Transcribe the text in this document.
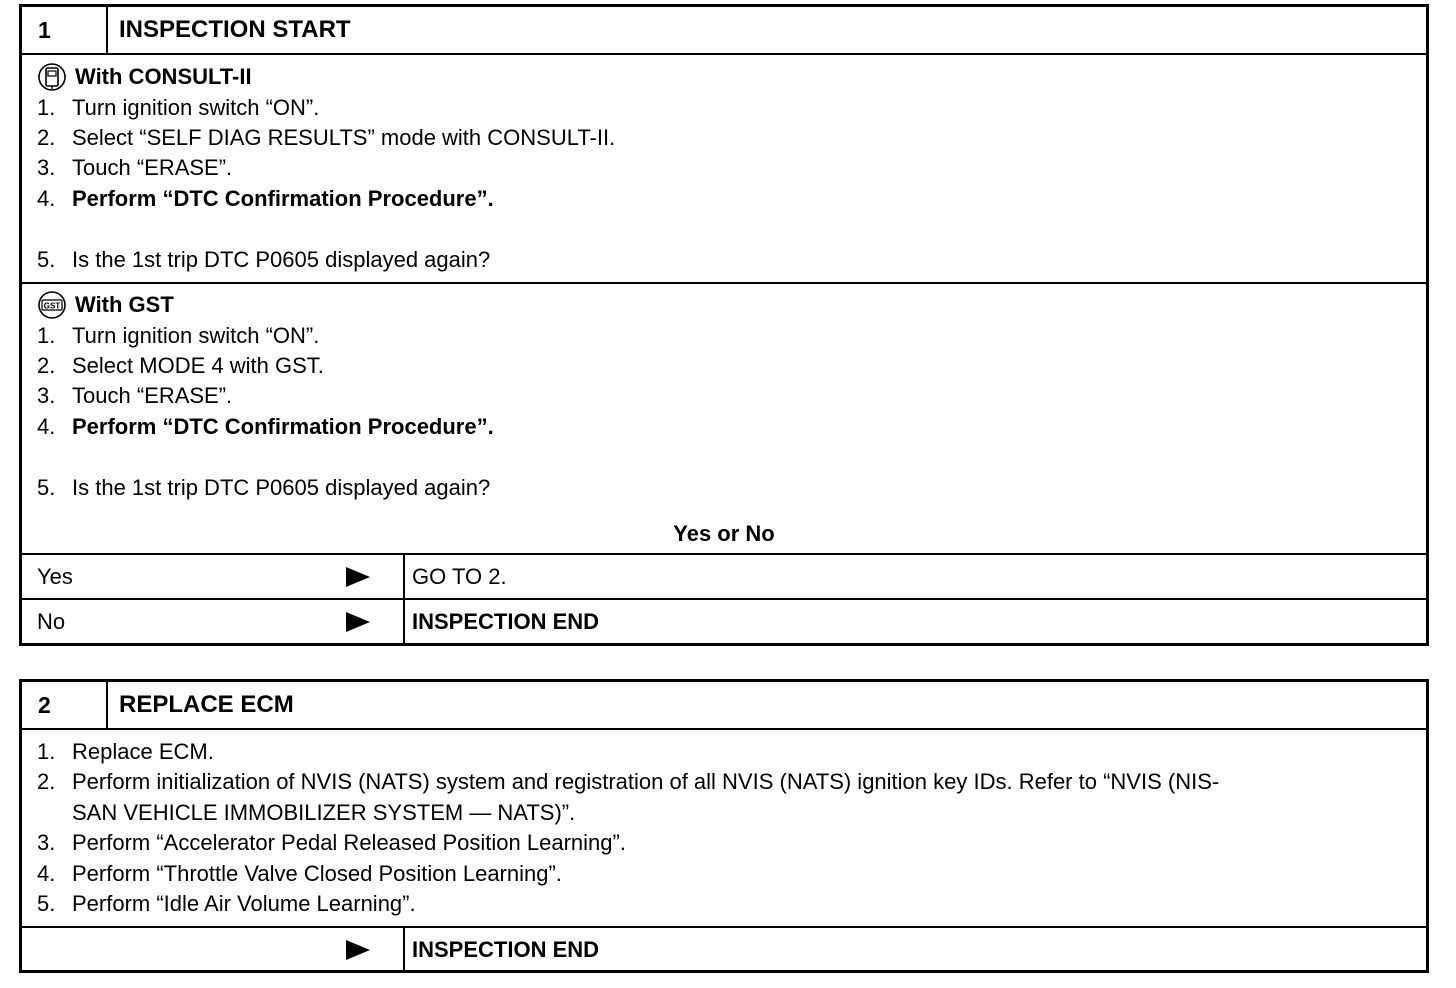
1	INSPECTION START
With CONSULT-II
1. Turn ignition switch “ON”.
2. Select “SELF DIAG RESULTS” mode with CONSULT-II.
3. Touch “ERASE”.
4. Perform “DTC Confirmation Procedure”.
5. Is the 1st trip DTC P0605 displayed again?
GST With GST
1. Turn ignition switch “ON”.
2. Select MODE 4 with GST.
3. Touch “ERASE”.
4. Perform “DTC Confirmation Procedure”.
5. Is the 1st trip DTC P0605 displayed again?
Yes or No
Yes	GO TO 2.
No	INSPECTION END
2	REPLACE ECM
1. Replace ECM.
2. Perform initialization of NVIS (NATS) system and registration of all NVIS (NATS) ignition key IDs. Refer to “NVIS (NIS-
SAN VEHICLE IMMOBILIZER SYSTEM — NATS)”.
3. Perform “Accelerator Pedal Released Position Learning”.
4. Perform “Throttle Valve Closed Position Learning”.
5. Perform “Idle Air Volume Learning”.
INSPECTION END
